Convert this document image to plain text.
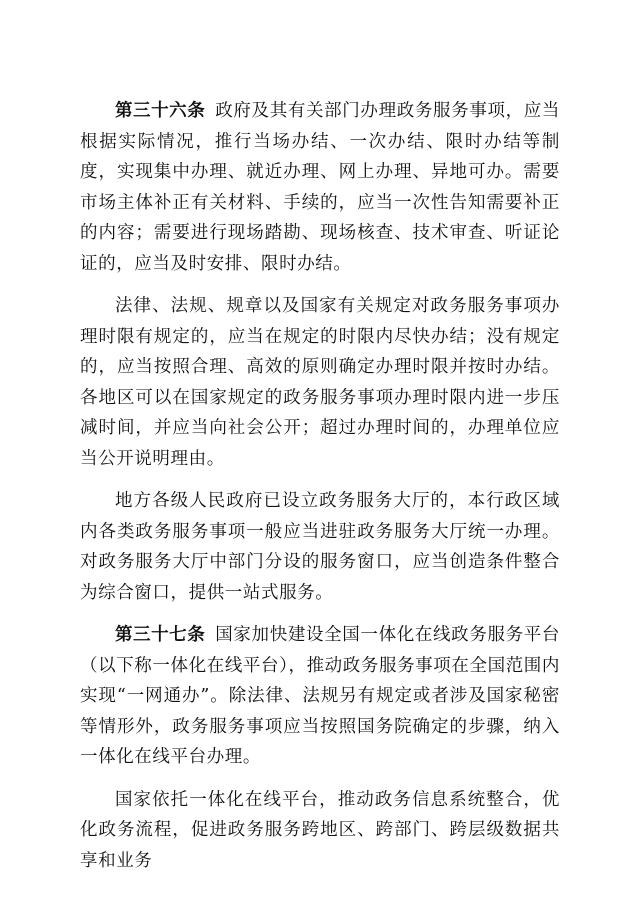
第三十六条 政府及其有关部门办理政务服务事项，应当根据实际情况，推行当场办结、一次办结、限时办结等制度，实现集中办理、就近办理、网上办理、异地可办。需要市场主体补正有关材料、手续的，应当一次性告知需要补正的内容；需要进行现场踏勘、现场核查、技术审查、听证论证的，应当及时安排、限时办结。

法律、法规、规章以及国家有关规定对政务服务事项办理时限有规定的，应当在规定的时限内尽快办结；没有规定的，应当按照合理、高效的原则确定办理时限并按时办结。各地区可以在国家规定的政务服务事项办理时限内进一步压减时间，并应当向社会公开；超过办理时间的，办理单位应当公开说明理由。

地方各级人民政府已设立政务服务大厅的，本行政区域内各类政务服务事项一般应当进驻政务服务大厅统一办理。对政务服务大厅中部门分设的服务窗口，应当创造条件整合为综合窗口，提供一站式服务。

第三十七条 国家加快建设全国一体化在线政务服务平台（以下称一体化在线平台），推动政务服务事项在全国范围内实现“一网通办”。除法律、法规另有规定或者涉及国家秘密等情形外，政务服务事项应当按照国务院确定的步骤，纳入一体化在线平台办理。

国家依托一体化在线平台，推动政务信息系统整合，优化政务流程，促进政务服务跨地区、跨部门、跨层级数据共享和业务
